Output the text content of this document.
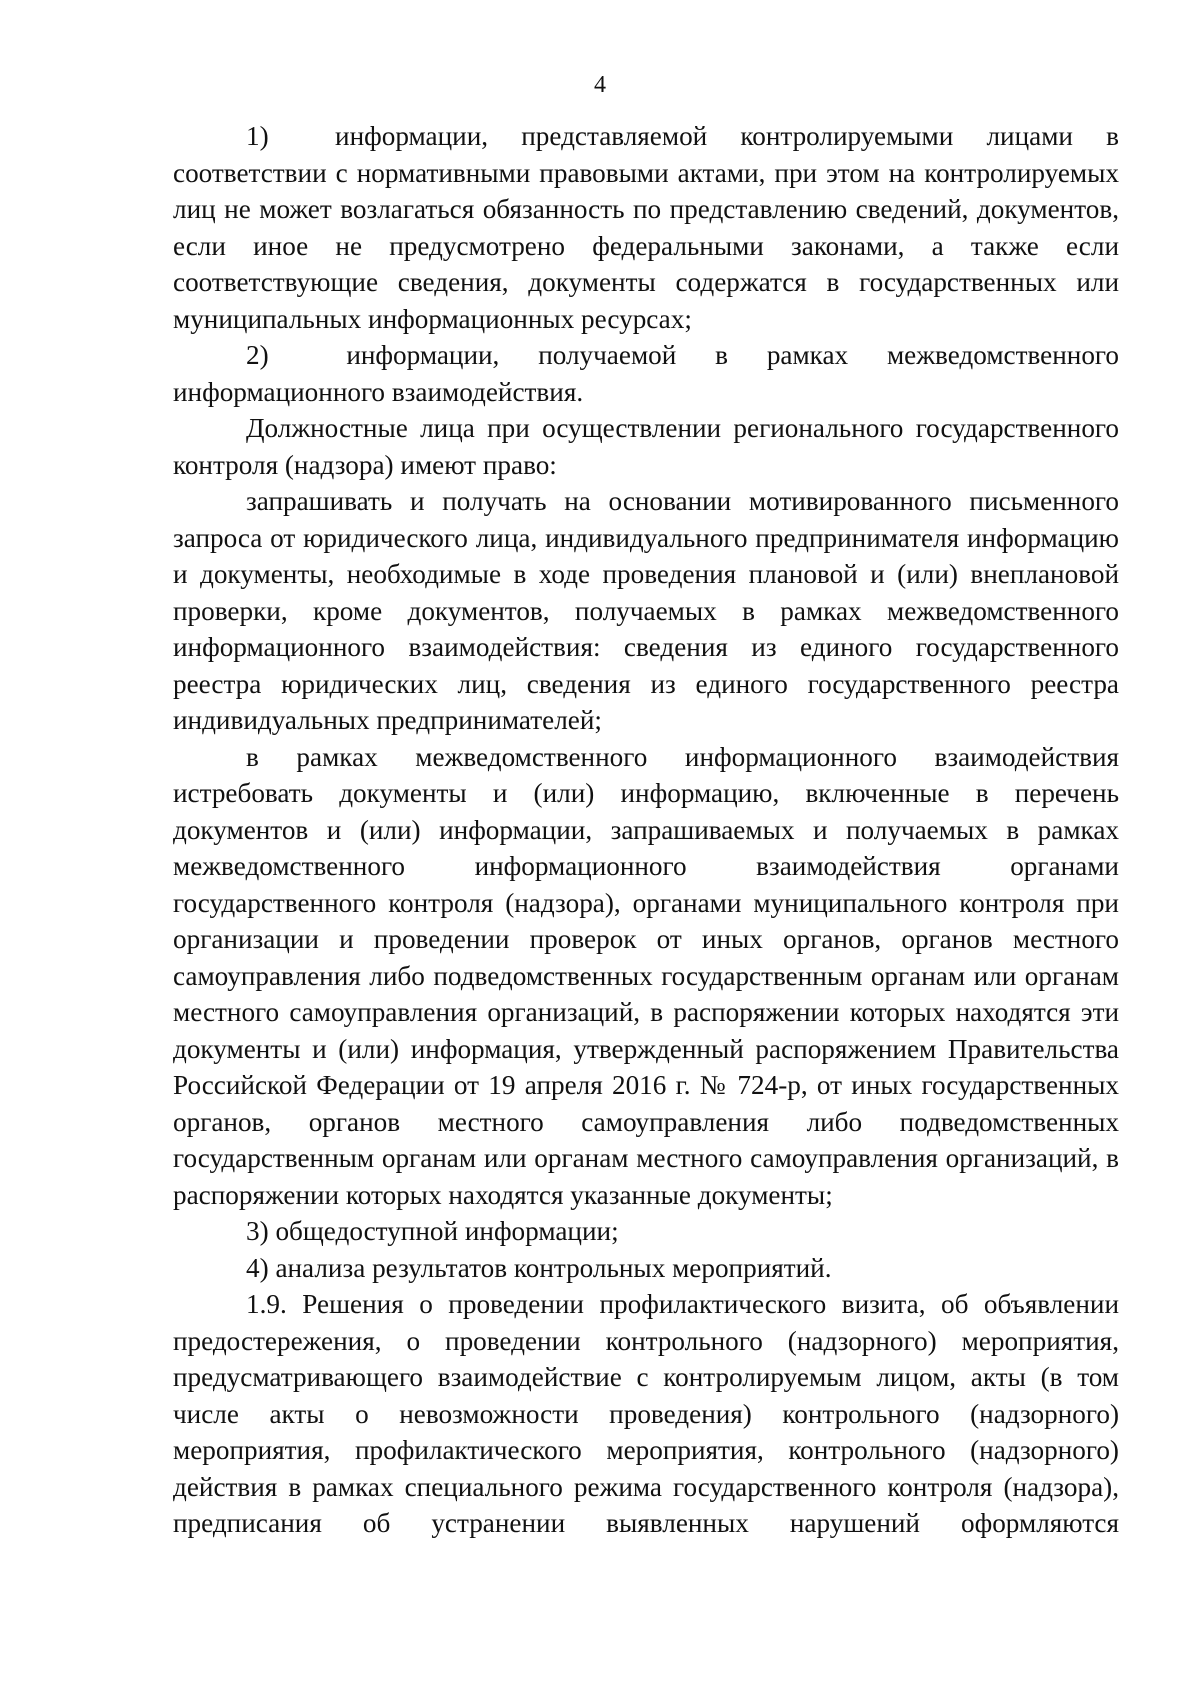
4

1)  информации, представляемой контролируемыми лицами в соответствии с нормативными правовыми актами, при этом на контролируемых лиц не может возлагаться обязанность по представлению сведений, документов, если иное не предусмотрено федеральными законами, а также если соответствующие сведения, документы содержатся в государственных или муниципальных информационных ресурсах;

2)  информации, получаемой в рамках межведомственного информационного взаимодействия.

Должностные лица при осуществлении регионального государственного контроля (надзора) имеют право:

запрашивать и получать на основании мотивированного письменного запроса от юридического лица, индивидуального предпринимателя информацию и документы, необходимые в ходе проведения плановой и (или) внеплановой проверки, кроме документов, получаемых в рамках межведомственного информационного взаимодействия: сведения из единого государственного реестра юридических лиц, сведения из единого государственного реестра индивидуальных предпринимателей;

в рамках межведомственного информационного взаимодействия истребовать документы и (или) информацию, включенные в перечень документов и (или) информации, запрашиваемых и получаемых в рамках межведомственного информационного взаимодействия органами государственного контроля (надзора), органами муниципального контроля при организации и проведении проверок от иных органов, органов местного самоуправления либо подведомственных государственным органам или органам местного самоуправления организаций, в распоряжении которых находятся эти документы и (или) информация, утвержденный распоряжением Правительства Российской Федерации от 19 апреля 2016 г. № 724-р, от иных государственных органов, органов местного самоуправления либо подведомственных государственным органам или органам местного самоуправления организаций, в распоряжении которых находятся указанные документы;

3) общедоступной информации;

4) анализа результатов контрольных мероприятий.

1.9. Решения о проведении профилактического визита, об объявлении предостережения, о проведении контрольного (надзорного) мероприятия, предусматривающего взаимодействие с контролируемым лицом, акты (в том числе акты о невозможности проведения) контрольного (надзорного) мероприятия, профилактического мероприятия, контрольного (надзорного) действия в рамках специального режима государственного контроля (надзора), предписания об устранении выявленных нарушений оформляются
